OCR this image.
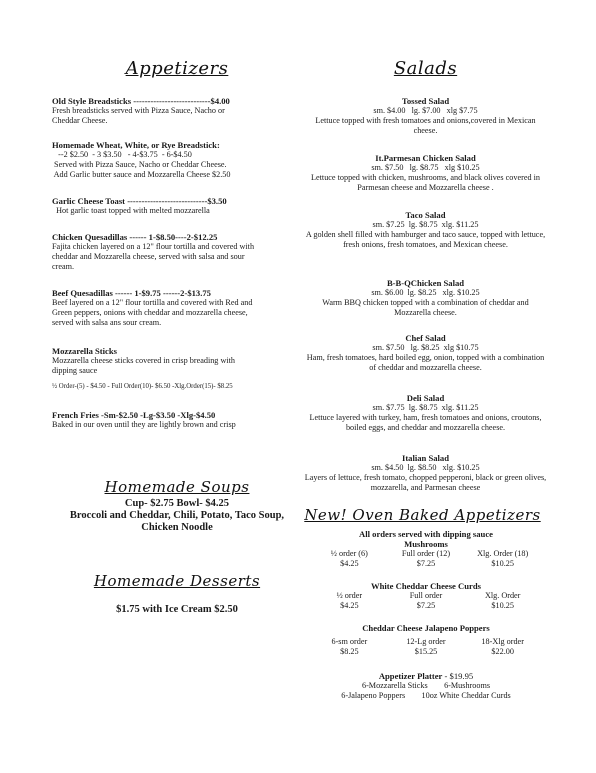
Appetizers
Old Style Breadsticks ---------------------------$4.00
Fresh breadsticks served with Pizza Sauce, Nacho or
Cheddar Cheese.
Homemade Wheat, White, or Rye Breadstick:
--2 $2.50  - 3 $3.50   - 4-$3.75  - 6-$4.50
Served with Pizza Sauce, Nacho or Cheddar Cheese.
Add Garlic butter sauce and Mozzarella Cheese $2.50
Garlic Cheese Toast ----------------------------$3.50
Hot garlic toast topped with melted mozzarella
Chicken Quesadillas ------ 1-$8.50----2-$12.25
Fajita chicken layered on a 12" flour tortilla and covered with
cheddar and Mozzarella cheese, served with salsa and sour
cream.
Beef Quesadillas ------ 1-$9.75 ------2-$13.75
Beef layered on a 12" flour tortilla and covered with Red and
Green peppers, onions with cheddar and mozzarella cheese,
served with salsa ans sour cream.
Mozzarella Sticks
Mozzarella cheese sticks covered in crisp breading with
dipping sauce
½ Order-(5) - $4.50 - Full Order(10)- $6.50 -Xlg.Order(15)- $8.25
French Fries -Sm-$2.50 -Lg-$3.50 -Xlg-$4.50
Baked in our oven until they are lightly brown and crisp
Homemade Soups
Cup- $2.75 Bowl- $4.25
Broccoli and Cheddar, Chili, Potato, Taco Soup,
Chicken Noodle
Homemade Desserts
$1.75 with Ice Cream $2.50
Salads
Tossed Salad
sm. $4.00   lg. $7.00   xlg $7.75
Lettuce topped with fresh tomatoes and onions,covered in Mexican cheese.
It.Parmesan Chicken Salad
sm. $7.50   lg. $8.75   xlg $10.25
Lettuce topped with chicken, mushrooms, and black olives covered in Parmesan cheese and Mozzarella cheese .
Taco Salad
sm. $7.25  lg. $8.75  xlg. $11.25
A golden shell filled with hamburger and taco sauce, topped with lettuce, fresh onions, fresh tomatoes, and Mexican cheese.
B-B-QChicken Salad
sm. $6.00  lg. $8.25   xlg. $10.25
Warm BBQ chicken topped with a combination of cheddar and Mozzarella cheese.
Chef Salad
sm. $7.50   lg. $8.25  xlg $10.75
Ham, fresh tomatoes, hard boiled egg, onion, topped with a combination of cheddar and mozzarella cheese.
Deli Salad
sm. $7.75  lg. $8.75  xlg. $11.25
Lettuce layered with turkey, ham, fresh tomatoes and onions, croutons, boiled eggs, and cheddar and mozzarella cheese.
Italian Salad
sm. $4.50  lg. $8.50   xlg. $10.25
Layers of lettuce, fresh tomato, chopped pepperoni, black or green olives, mozzarella, and Parmesan cheese
New! Oven Baked Appetizers
All orders served with dipping sauce
Mushrooms
½ order (6)	Full order (12)	Xlg. Order (18)
$4.25	$7.25	$10.25
White Cheddar Cheese Curds
½ order	Full order	Xlg. Order
$4.25	$7.25	$10.25
Cheddar Cheese Jalapeno Poppers
6-sm order	12-Lg order	18-Xlg order
$8.25	$15.25	$22.00
Appetizer Platter - $19.95
6-Mozzarella Sticks        6-Mushrooms
6-Jalapeno Poppers        10oz White Cheddar Curds
